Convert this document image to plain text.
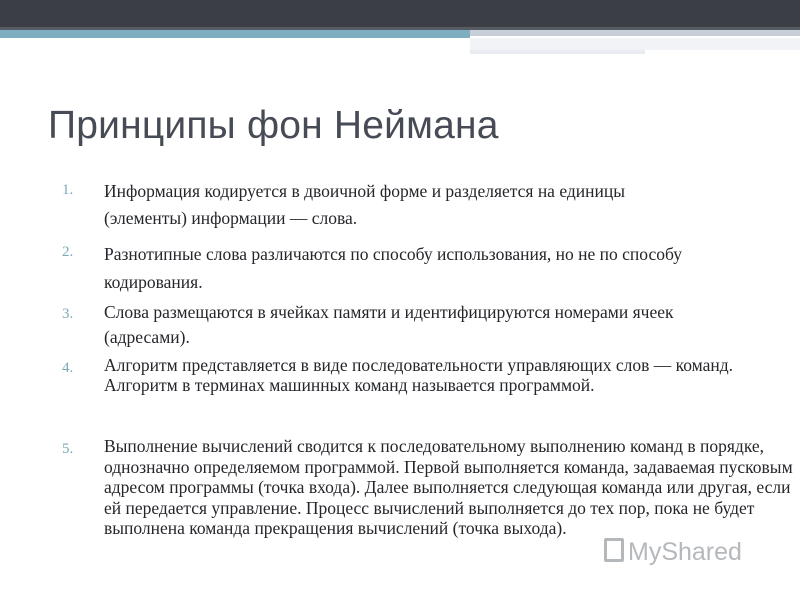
Принципы фон Неймана
1. Информация кодируется в двоичной форме и разделяется на единицы (элементы) информации — слова.
2. Разнотипные слова различаются по способу использования, но не по способу кодирования.
3. Слова размещаются в ячейках памяти и идентифицируются номерами ячеек (адресами).
4. Алгоритм представляется в виде последовательности управляющих слов — команд. Алгоритм в терминах машинных команд называется программой.
5. Выполнение вычислений сводится к последовательному выполнению команд в порядке, однозначно определяемом программой. Первой выполняется команда, задаваемая пусковым адресом программы (точка входа). Далее выполняется следующая команда или другая, если ей передается управление. Процесс вычислений выполняется до тех пор, пока не будет выполнена команда прекращения вычислений (точка выхода).
MyShared
